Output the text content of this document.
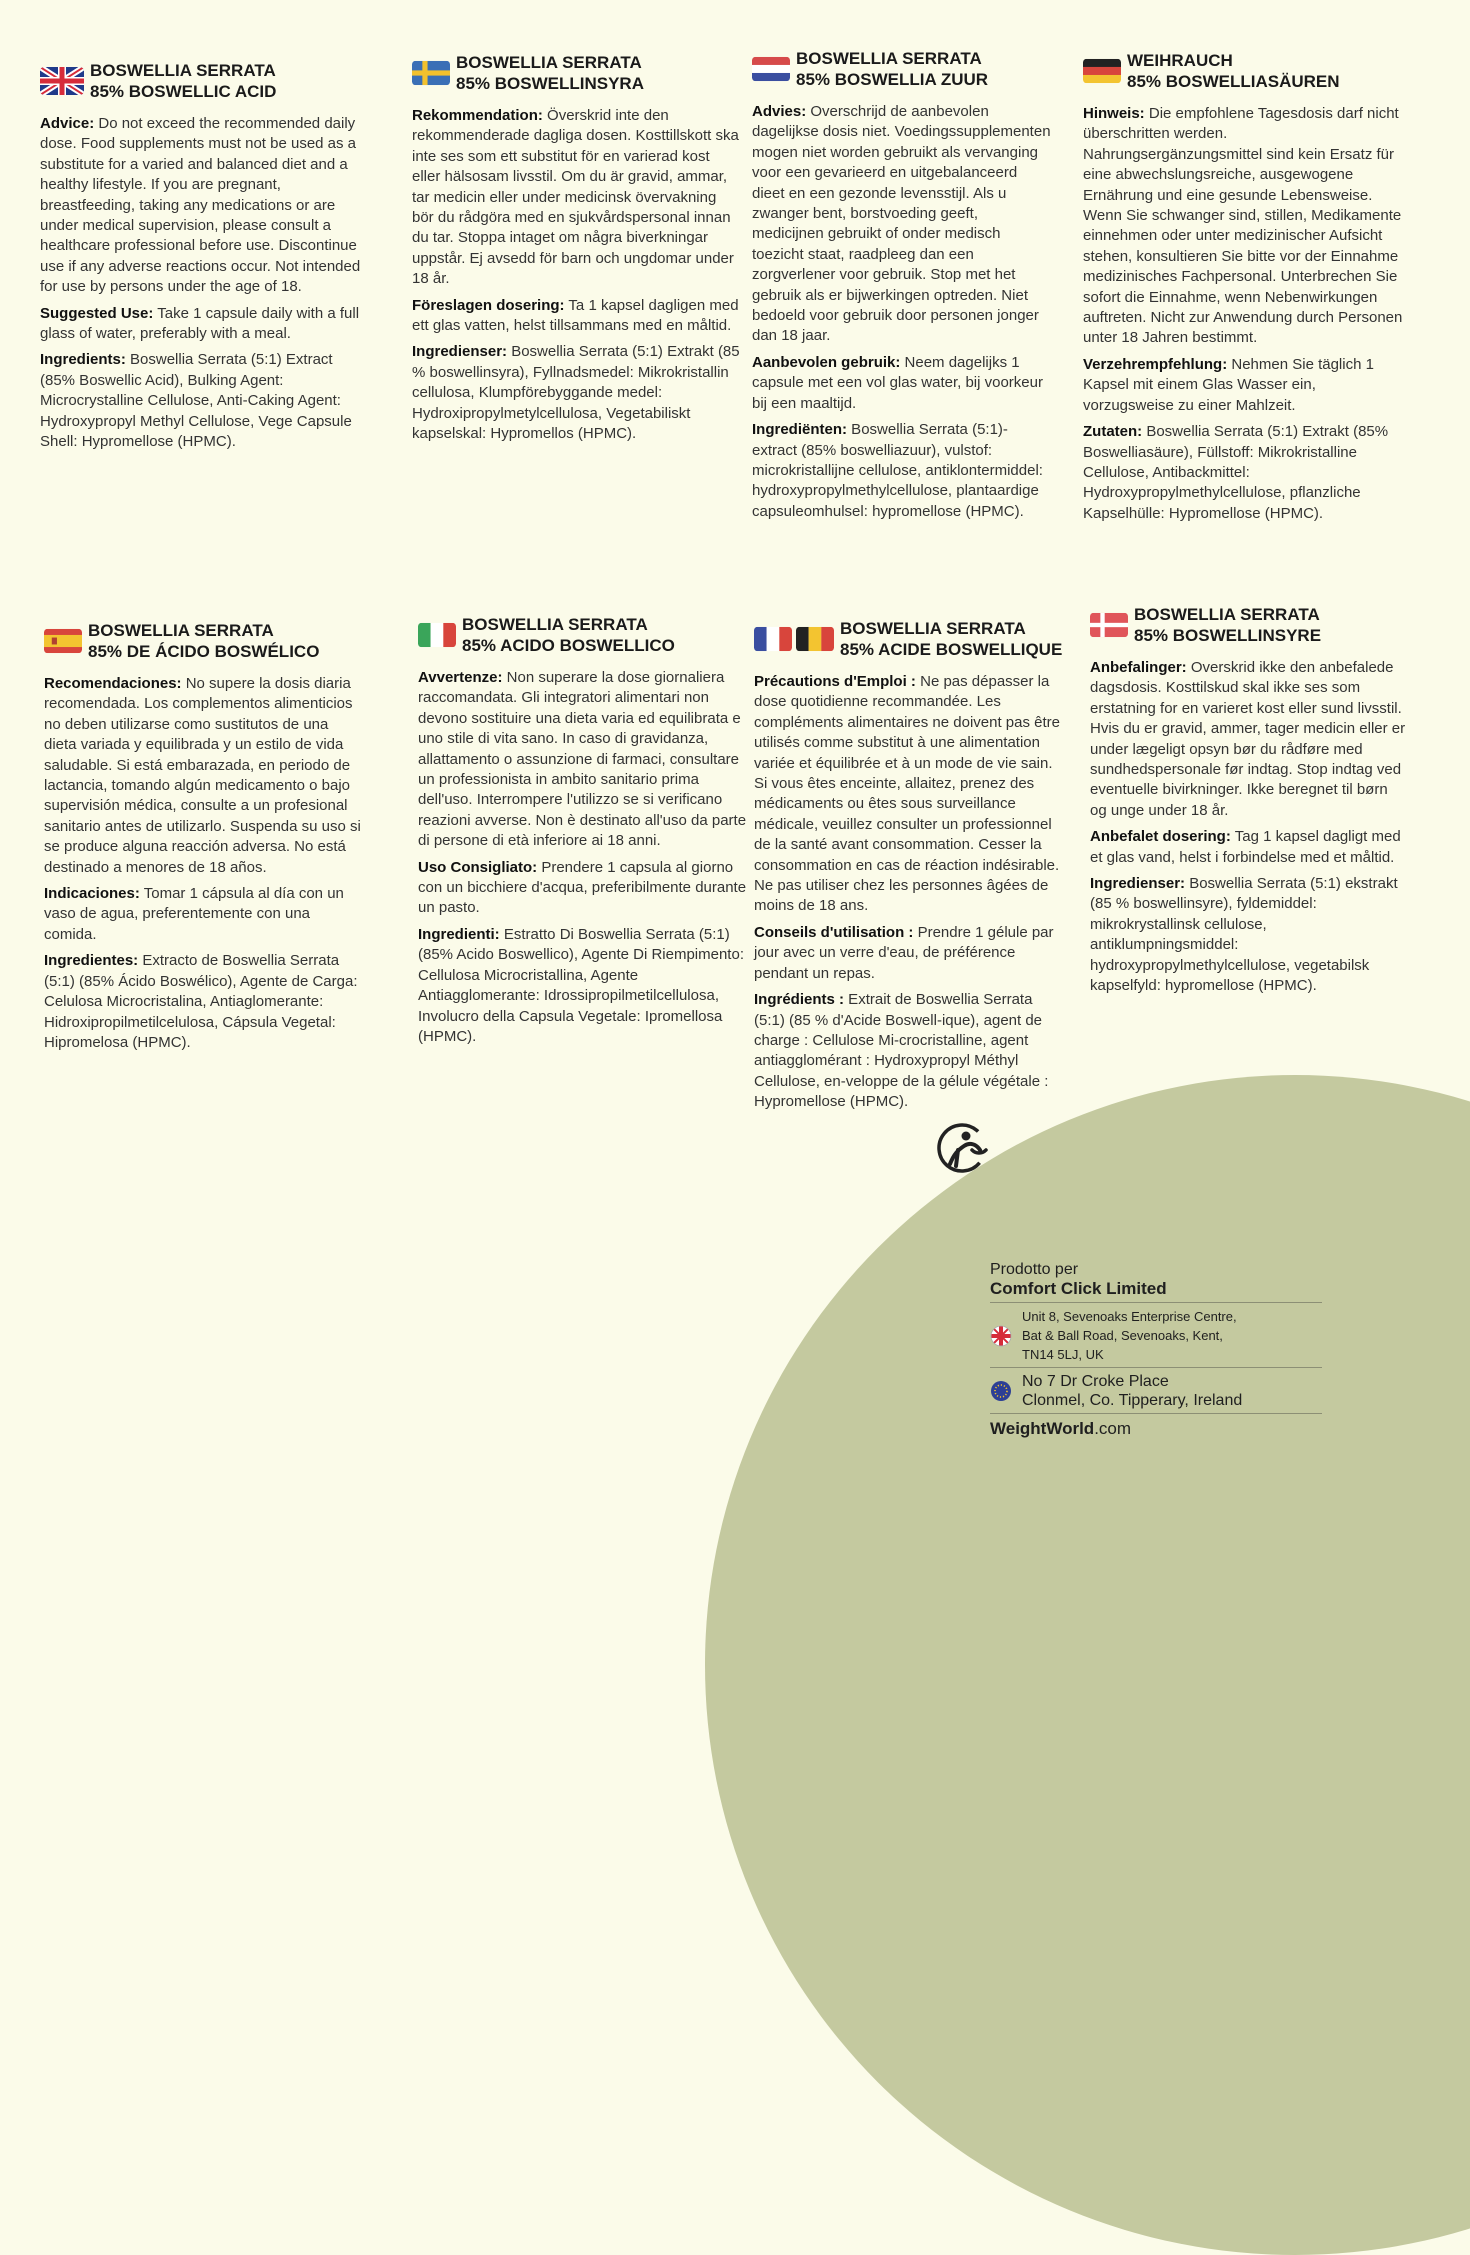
BOSWELLIA SERRATA
85% BOSWELLIC ACID

Advice: Do not exceed the recommended daily dose. Food supplements must not be used as a substitute for a varied and balanced diet and a healthy lifestyle. If you are pregnant, breastfeeding, taking any medications or are under medical supervision, please consult a healthcare professional before use. Discontinue use if any adverse reactions occur. Not intended for use by persons under the age of 18.

Suggested Use: Take 1 capsule daily with a full glass of water, preferably with a meal.

Ingredients: Boswellia Serrata (5:1) Extract (85% Boswellic Acid), Bulking Agent: Microcrystalline Cellulose, Anti-Caking Agent: Hydroxypropyl Methyl Cellulose, Vege Capsule Shell: Hypromellose (HPMC).

BOSWELLIA SERRATA
85% BOSWELLINSYRA

Rekommendation: Överskrid inte den rekommenderade dagliga dosen. Kosttillskott ska inte ses som ett substitut för en varierad kost eller hälsosam livsstil. Om du är gravid, ammar, tar medicin eller under medicinsk övervakning bör du rådgöra med en sjukvårdspersonal innan du tar. Stoppa intaget om några biverkningar uppstår. Ej avsedd för barn och ungdomar under 18 år.

Föreslagen dosering: Ta 1 kapsel dagligen med ett glas vatten, helst tillsammans med en måltid.

Ingredienser: Boswellia Serrata (5:1) Extrakt (85 % boswellinsyra), Fyllnadsmedel: Mikrokristallin cellulosa, Klumpförebyggande medel: Hydroxipropylmetylcellulosa, Vegetabiliskt kapselskal: Hypromellos (HPMC).

BOSWELLIA SERRATA
85% BOSWELLIA ZUUR

Advies: Overschrijd de aanbevolen dagelijkse dosis niet. Voedingssupplementen mogen niet worden gebruikt als vervanging voor een gevarieerd en uitgebalanceerd dieet en een gezonde levensstijl. Als u zwanger bent, borstvoeding geeft, medicijnen gebruikt of onder medisch toezicht staat, raadpleeg dan een zorgverlener voor gebruik. Stop met het gebruik als er bijwerkingen optreden. Niet bedoeld voor gebruik door personen jonger dan 18 jaar.

Aanbevolen gebruik: Neem dagelijks 1 capsule met een vol glas water, bij voorkeur bij een maaltijd.

Ingrediënten: Boswellia Serrata (5:1)-extract (85% boswelliazuur), vulstof: microkristallijne cellulose, antiklontermiddel: hydroxypropylmethylcellulose, plantaardige capsuleomhulsel: hypromellose (HPMC).

WEIHRAUCH
85% BOSWELLIASÄUREN

Hinweis: Die empfohlene Tagesdosis darf nicht überschritten werden. Nahrungsergänzungsmittel sind kein Ersatz für eine abwechslungsreiche, ausgewogene Ernährung und eine gesunde Lebensweise. Wenn Sie schwanger sind, stillen, Medikamente einnehmen oder unter medizinischer Aufsicht stehen, konsultieren Sie bitte vor der Einnahme medizinisches Fachpersonal. Unterbrechen Sie sofort die Einnahme, wenn Nebenwirkungen auftreten. Nicht zur Anwendung durch Personen unter 18 Jahren bestimmt.

Verzehrempfehlung: Nehmen Sie täglich 1 Kapsel mit einem Glas Wasser ein, vorzugsweise zu einer Mahlzeit.

Zutaten: Boswellia Serrata (5:1) Extrakt (85% Boswelliasäure), Füllstoff: Mikrokristalline Cellulose, Antibackmittel: Hydroxypropylmethylcellulose, pflanzliche Kapselhülle: Hypromellose (HPMC).

BOSWELLIA SERRATA
85% DE ÁCIDO BOSWÉLICO

Recomendaciones: No supere la dosis diaria recomendada. Los complementos alimenticios no deben utilizarse como sustitutos de una dieta variada y equilibrada y un estilo de vida saludable. Si está embarazada, en periodo de lactancia, tomando algún medicamento o bajo supervisión médica, consulte a un profesional sanitario antes de utilizarlo. Suspenda su uso si se produce alguna reacción adversa. No está destinado a menores de 18 años.

Indicaciones: Tomar 1 cápsula al día con un vaso de agua, preferentemente con una comida.

Ingredientes: Extracto de Boswellia Serrata (5:1) (85% Ácido Boswélico), Agente de Carga: Celulosa Microcristalina, Antiaglomerante: Hidroxipropilmetilcelulosa, Cápsula Vegetal: Hipromelosa (HPMC).

BOSWELLIA SERRATA
85% ACIDO BOSWELLICO

Avvertenze: Non superare la dose giornaliera raccomandata. Gli integratori alimentari non devono sostituire una dieta varia ed equilibrata e uno stile di vita sano. In caso di gravidanza, allattamento o assunzione di farmaci, consultare un professionista in ambito sanitario prima dell'uso. Interrompere l'utilizzo se si verificano reazioni avverse. Non è destinato all'uso da parte di persone di età inferiore ai 18 anni.

Uso Consigliato: Prendere 1 capsula al giorno con un bicchiere d'acqua, preferibilmente durante un pasto.

Ingredienti: Estratto Di Boswellia Serrata (5:1) (85% Acido Boswellico), Agente Di Riempimento: Cellulosa Microcristallina, Agente Antiagglomerante: Idrossipropilmetilcellulosa, Involucro della Capsula Vegetale: Ipromellosa (HPMC).

BOSWELLIA SERRATA
85% ACIDE BOSWELLIQUE

Précautions d'Emploi : Ne pas dépasser la dose quotidienne recommandée. Les compléments alimentaires ne doivent pas être utilisés comme substitut à une alimentation variée et équilibrée et à un mode de vie sain. Si vous êtes enceinte, allaitez, prenez des médicaments ou êtes sous surveillance médicale, veuillez consulter un professionnel de la santé avant consommation. Cesser la consommation en cas de réaction indésirable. Ne pas utiliser chez les personnes âgées de moins de 18 ans.

Conseils d'utilisation : Prendre 1 gélule par jour avec un verre d'eau, de préférence pendant un repas.

Ingrédients : Extrait de Boswellia Serrata (5:1) (85 % d'Acide Boswell-ique), agent de charge : Cellulose Mi-crocristalline, agent antiagglomérant : Hydroxypropyl Méthyl Cellulose, en-veloppe de la gélule végétale : Hypromellose (HPMC).

BOSWELLIA SERRATA
85% BOSWELLINSYRE

Anbefalinger: Overskrid ikke den anbefalede dagsdosis. Kosttilskud skal ikke ses som erstatning for en varieret kost eller sund livsstil. Hvis du er gravid, ammer, tager medicin eller er under lægeligt opsyn bør du rådføre med sundhedspersonale før indtag. Stop indtag ved eventuelle bivirkninger. Ikke beregnet til børn og unge under 18 år.

Anbefalet dosering: Tag 1 kapsel dagligt med et glas vand, helst i forbindelse med et måltid.

Ingredienser: Boswellia Serrata (5:1) ekstrakt (85 % boswellinsyre), fyldemiddel: mikrokrystallinsk cellulose, antiklumpningsmiddel: hydroxypropylmethylcellulose, vegetabilsk kapselfyld: hypromellose (HPMC).

Prodotto per
Comfort Click Limited
Unit 8, Sevenoaks Enterprise Centre,
Bat & Ball Road, Sevenoaks, Kent,
TN14 5LJ, UK
No 7 Dr Croke Place
Clonmel, Co. Tipperary, Ireland
WeightWorld.com
